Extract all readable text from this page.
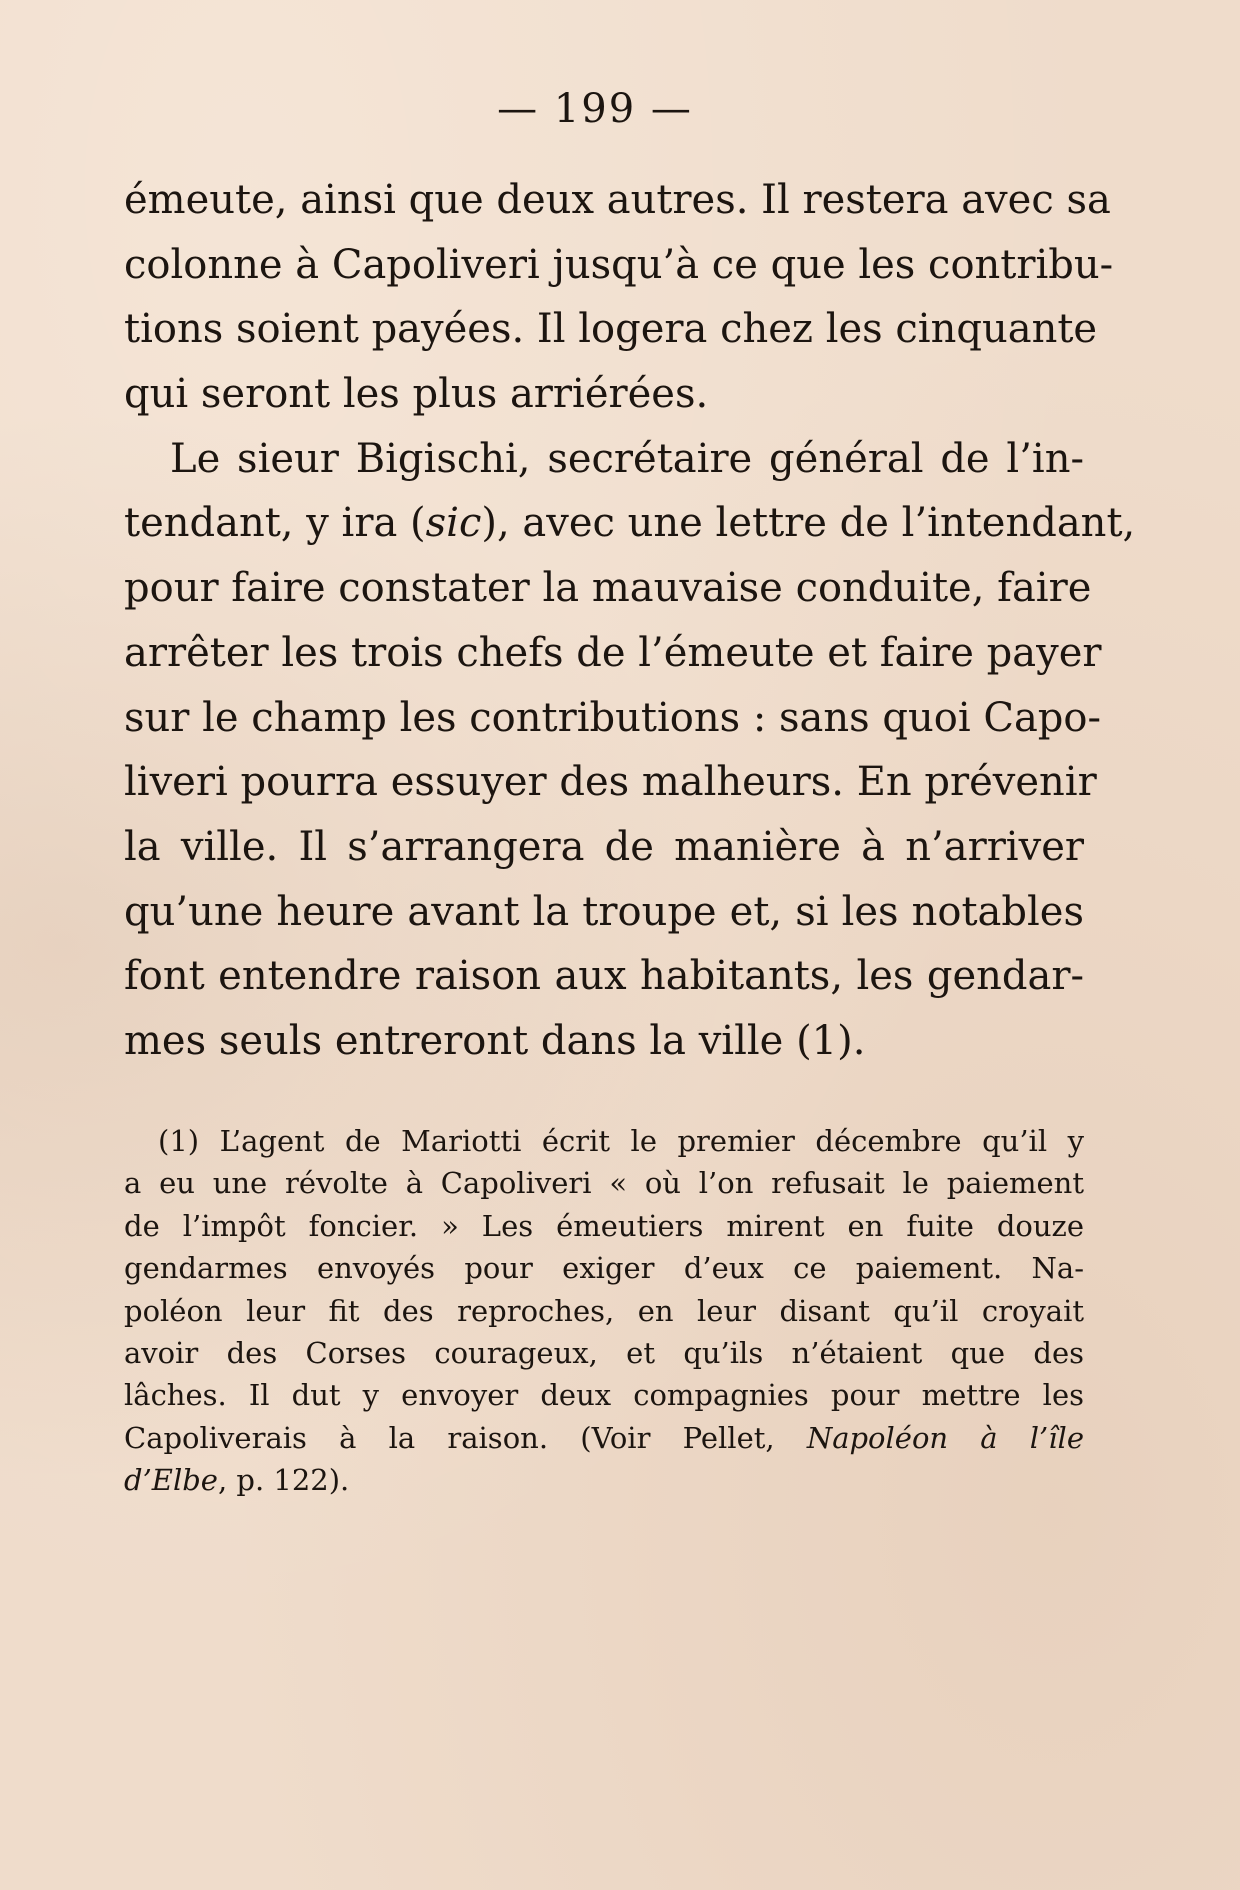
— 199 —
émeute, ainsi que deux autres. Il restera avec sa
colonne à Capoliveri jusqu’à ce que les contribu-
tions soient payées. Il logera chez les cinquante
qui seront les plus arriérées.
Le sieur Bigischi, secrétaire général de l’in-
tendant, y ira (sic), avec une lettre de l’intendant,
pour faire constater la mauvaise conduite, faire
arrêter les trois chefs de l’émeute et faire payer
sur le champ les contributions : sans quoi Capo-
liveri pourra essuyer des malheurs. En prévenir
la ville. Il s’arrangera de manière à n’arriver
qu’une heure avant la troupe et, si les notables
font entendre raison aux habitants, les gendar-
mes seuls entreront dans la ville (1).
(1) L’agent de Mariotti écrit le premier décembre qu’il y
a eu une révolte à Capoliveri « où l’on refusait le paiement
de l’impôt foncier. » Les émeutiers mirent en fuite douze
gendarmes envoyés pour exiger d’eux ce paiement. Na-
poléon leur fit des reproches, en leur disant qu’il croyait
avoir des Corses courageux, et qu’ils n’étaient que des
lâches. Il dut y envoyer deux compagnies pour mettre les
Capoliverais à la raison. (Voir Pellet, Napoléon à l’île
d’Elbe, p. 122).
